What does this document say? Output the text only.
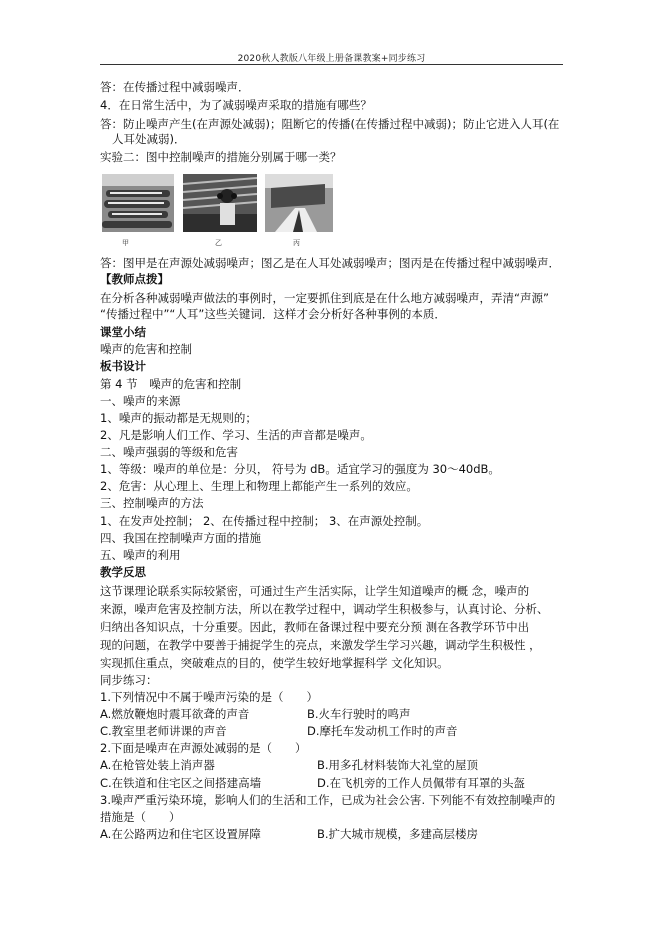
2020秋人教版八年级上册备课教案+同步练习
答：在传播过程中减弱噪声．
4．在日常生活中，为了减弱噪声采取的措施有哪些？
答：防止噪声产生(在声源处减弱)；阻断它的传播(在传播过程中减弱)；防止它进入人耳(在
人耳处减弱)．
实验二：图中控制噪声的措施分别属于哪一类？
甲	乙	丙
答：图甲是在声源处减弱噪声；图乙是在人耳处减弱噪声；图丙是在传播过程中减弱噪声．
【教师点拨】
在分析各种减弱噪声做法的事例时，一定要抓住到底是在什么地方减弱噪声，弄清“声源”
“传播过程中”“人耳”这些关键词．这样才会分析好各种事例的本质．
课堂小结
噪声的危害和控制
板书设计
第 4 节　噪声的危害和控制
一、噪声的来源
1、噪声的振动都是无规则的；
2、凡是影响人们工作、学习、生活的声音都是噪声。
二、噪声强弱的等级和危害
1、等级：噪声的单位是：分贝， 符号为 dB。适宜学习的强度为 30～40dB。
2、危害：从心理上、生理上和物理上都能产生一系列的效应。
三、控制噪声的方法
1、在发声处控制； 2、在传播过程中控制； 3、在声源处控制。
四、我国在控制噪声方面的措施
五、噪声的利用
教学反思
这节课理论联系实际较紧密，可通过生产生活实际，让学生知道噪声的概 念，噪声的
来源，噪声危害及控制方法，所以在教学过程中，调动学生积极参与，认真讨论、分析、
归纳出各知识点，十分重要。因此，教师在备课过程中要充分预 测在各教学环节中出
现的问题，在教学中要善于捕捉学生的亮点，来激发学生学习兴趣，调动学生积极性 ，
实现抓住重点，突破难点的目的，使学生较好地掌握科学 文化知识。
同步练习：
1.下列情况中不属于噪声污染的是（　　）
A.燃放鞭炮时震耳欲聋的声音	B.火车行驶时的鸣声
C.教室里老师讲课的声音	D.摩托车发动机工作时的声音
2.下面是噪声在声源处减弱的是（　　）
A.在枪管处装上消声器	B.用多孔材料装饰大礼堂的屋顶
C.在铁道和住宅区之间搭建高墙	D.在飞机旁的工作人员佩带有耳罩的头盔
3.噪声严重污染环境，影响人们的生活和工作，已成为社会公害. 下列能不有效控制噪声的
措施是（　　）
A.在公路两边和住宅区设置屏障	B.扩大城市规模，多建高层楼房
